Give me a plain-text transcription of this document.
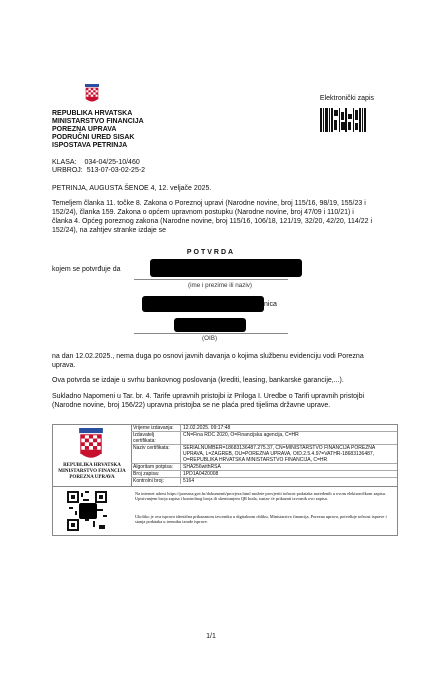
Elektronički zapis
REPUBLIKA HRVATSKA
MINISTARSTVO FINANCIJA
POREZNA UPRAVA
PODRUČNI URED SISAK
ISPOSTAVA PETRINJA
KLASA: 034-04/25-10/460
URBROJ: 513-07-03-02-25-2
PETRINJA, AUGUSTA ŠENOE 4, 12. veljače 2025.
Temeljem članka 11. točke 8. Zakona o Poreznoj upravi (Narodne novine, broj 115/16, 98/19, 155/23 i 152/24), članka 159. Zakona o općem upravnom postupku (Narodne novine, broj 47/09 i 110/21) i članka 4. Općeg poreznog zakona (Narodne novine, broj 115/16, 106/18, 121/19, 32/20, 42/20, 114/22 i 152/24), na zahtjev stranke izdaje se
POTVRDA
kojem se potvrđuje da
(ime i prezime ili naziv)
nica
(OIB)
na dan 12.02.2025., nema duga po osnovi javnih davanja o kojima službenu evidenciju vodi Porezna uprava.
Ova potvrda se izdaje u svrhu bankovnog poslovanja (krediti, leasing, bankarske garancije,...).
Sukladno Napomeni u Tar. br. 4. Tarife upravnih pristojbi iz Priloga I. Uredbe o Tarifi upravnih pristojbi (Narodne novine, broj 156/22) upravna pristojba se ne plaća pred tijelima državne uprave.
REPUBLIKA HRVATSKA
MINISTARSTVO FINANCIJA
POREZNA UPRAVA
Vrijeme izdavanja:	12.02.2025. 09:17:48
Izdavatelj certifikata:
CN=Fina RDC 2020, O=Financijska agencija, C=HR
Naziv certifikata:	SERIALNUMBER=18683136487.275.37, CN=MINISTARSTVO FINANCIJA POREZNA UPRAVA, L=ZAGREB, OU=POREZNA UPRAVA, OID.2.5.4.97=VATHR-18683136487, O=REPUBLIKA HRVATSKA MINISTARSTVO FINANCIJA, C=HR
Algoritam potpisa:	SHA256withRSA
Broj zapisa:	1PD1A0420008
Kontrolni broj:	5164
Na internet adresi https://porezna.gov.hr/dokumenti/provjera.html možete provjeriti točnost podataka navedenih u ovom elektroničkom zapisu. Upisivanjem broja zapisa i kontrolnog broja ili skeniranjem QR koda, sustav će prikazati izvornik ovo zapisa.
Ukoliko je ova isprava identična prikazanom izvorniku u digitalnom obliku, Ministarstvo financija, Porezna uprava, potvrđuje točnost isprave i stanja podataka u trenutku izrade isprave.
1/1
